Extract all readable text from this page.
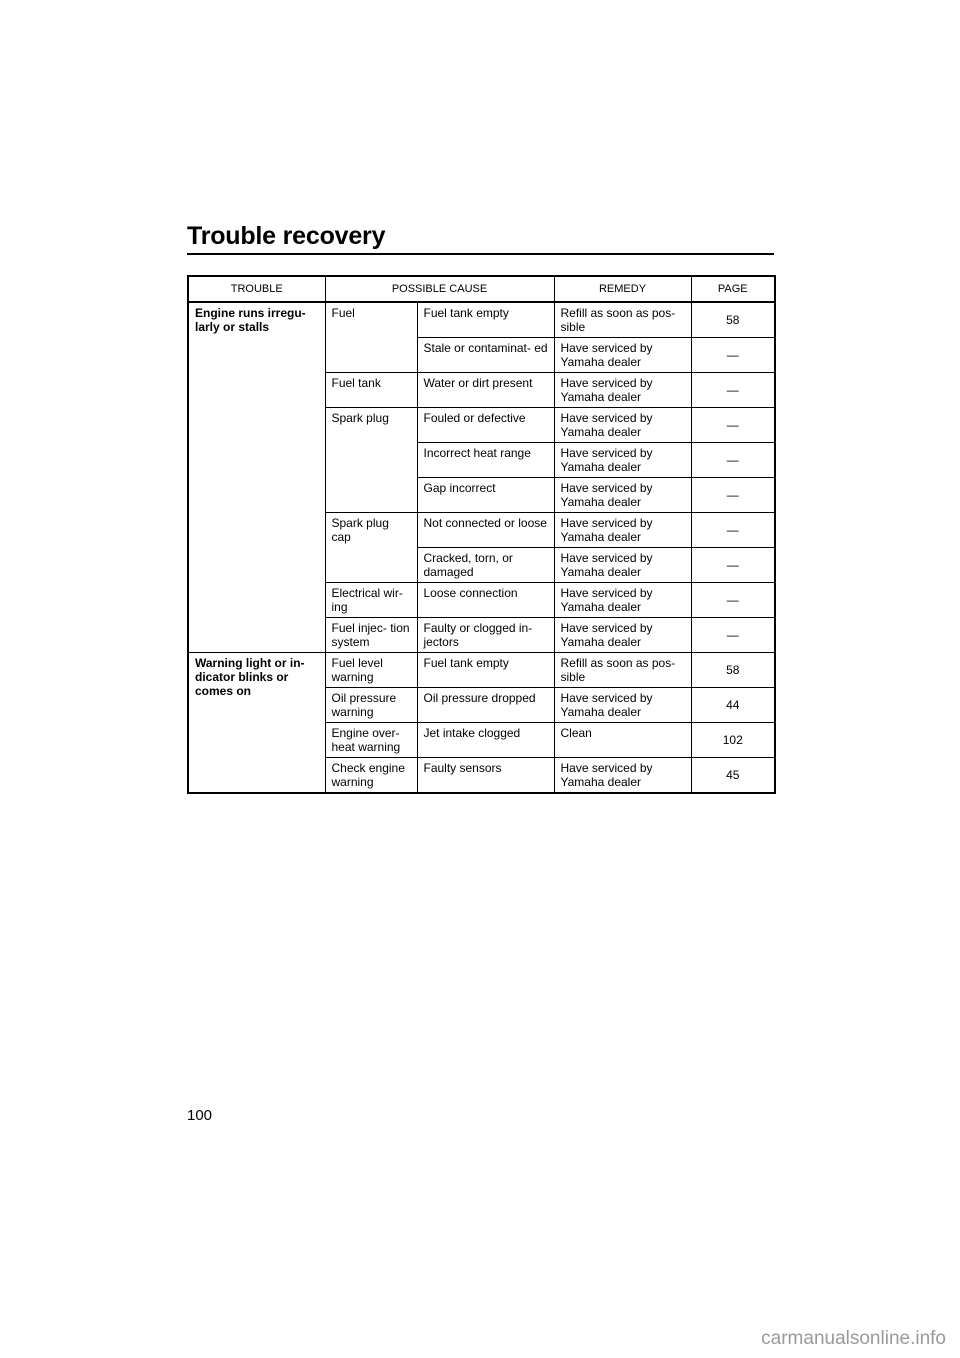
Trouble recovery
TROUBLE	POSSIBLE CAUSE		REMEDY	PAGE
Engine runs irregu- larly or stalls	Fuel	Fuel tank empty	Refill as soon as pos- sible	58
		Stale or contaminat- ed	Have serviced by Yamaha dealer	—
	Fuel tank	Water or dirt present	Have serviced by Yamaha dealer	—
	Spark plug	Fouled or defective	Have serviced by Yamaha dealer	—
		Incorrect heat range	Have serviced by Yamaha dealer	—
		Gap incorrect	Have serviced by Yamaha dealer	—
	Spark plug cap	Not connected or loose	Have serviced by Yamaha dealer	—
		Cracked, torn, or damaged	Have serviced by Yamaha dealer	—
	Electrical wir- ing	Loose connection	Have serviced by Yamaha dealer	—
	Fuel injec- tion system	Faulty or clogged in- jectors	Have serviced by Yamaha dealer	—
Warning light or in- dicator blinks or comes on	Fuel level warning	Fuel tank empty	Refill as soon as pos- sible	58
	Oil pressure warning	Oil pressure dropped	Have serviced by Yamaha dealer	44
	Engine over- heat warning	Jet intake clogged	Clean	102
	Check engine warning	Faulty sensors	Have serviced by Yamaha dealer	45
100
carmanualsonline.info
